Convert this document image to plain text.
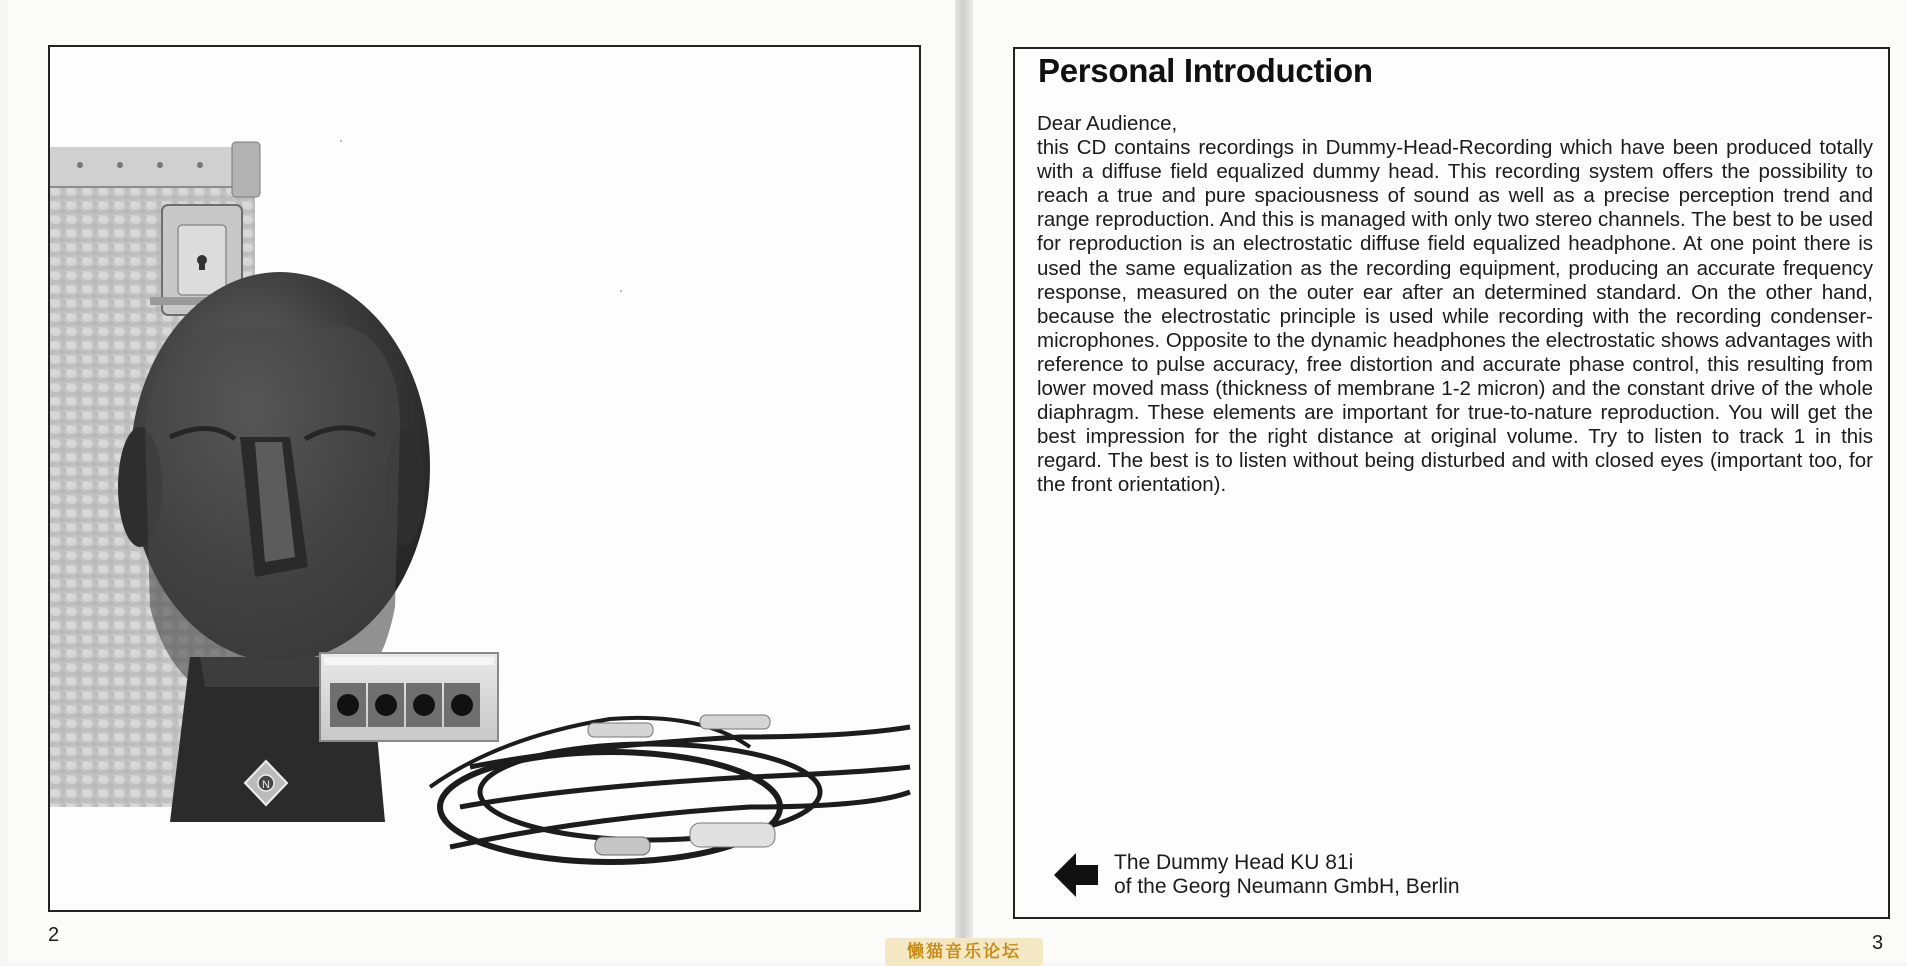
N
Personal Introduction
Dear Audience,
this CD contains recordings in Dummy-Head-Recording which have been produced totally with a diffuse field equalized dummy head. This recording system offers the possibility to reach a true and pure spaciousness of sound as well as a precise perception trend and range reproduction. And this is managed with only two stereo channels. The best to be used for reproduction is an electrostatic diffuse field equalized headphone. At one point there is used the same equalization as the recording equipment, producing an accurate frequency response, measured on the outer ear after an determined standard. On the other hand, because the electrostatic principle is used while recording with the recording condenser-microphones. Opposite to the dynamic headphones the electrostatic shows advantages with reference to pulse accuracy, free distortion and accurate phase control, this resulting from lower moved mass (thickness of membrane 1-2 micron) and the constant drive of the whole diaphragm. These elements are important for true-to-nature reproduction. You will get the best impression for the right distance at original volume. Try to listen to track 1 in this regard. The best is to listen without being disturbed and with closed eyes (important too, for the front orientation).
The Dummy Head KU 81i
of the Georg Neumann GmbH, Berlin
2	3
懒猫音乐论坛
